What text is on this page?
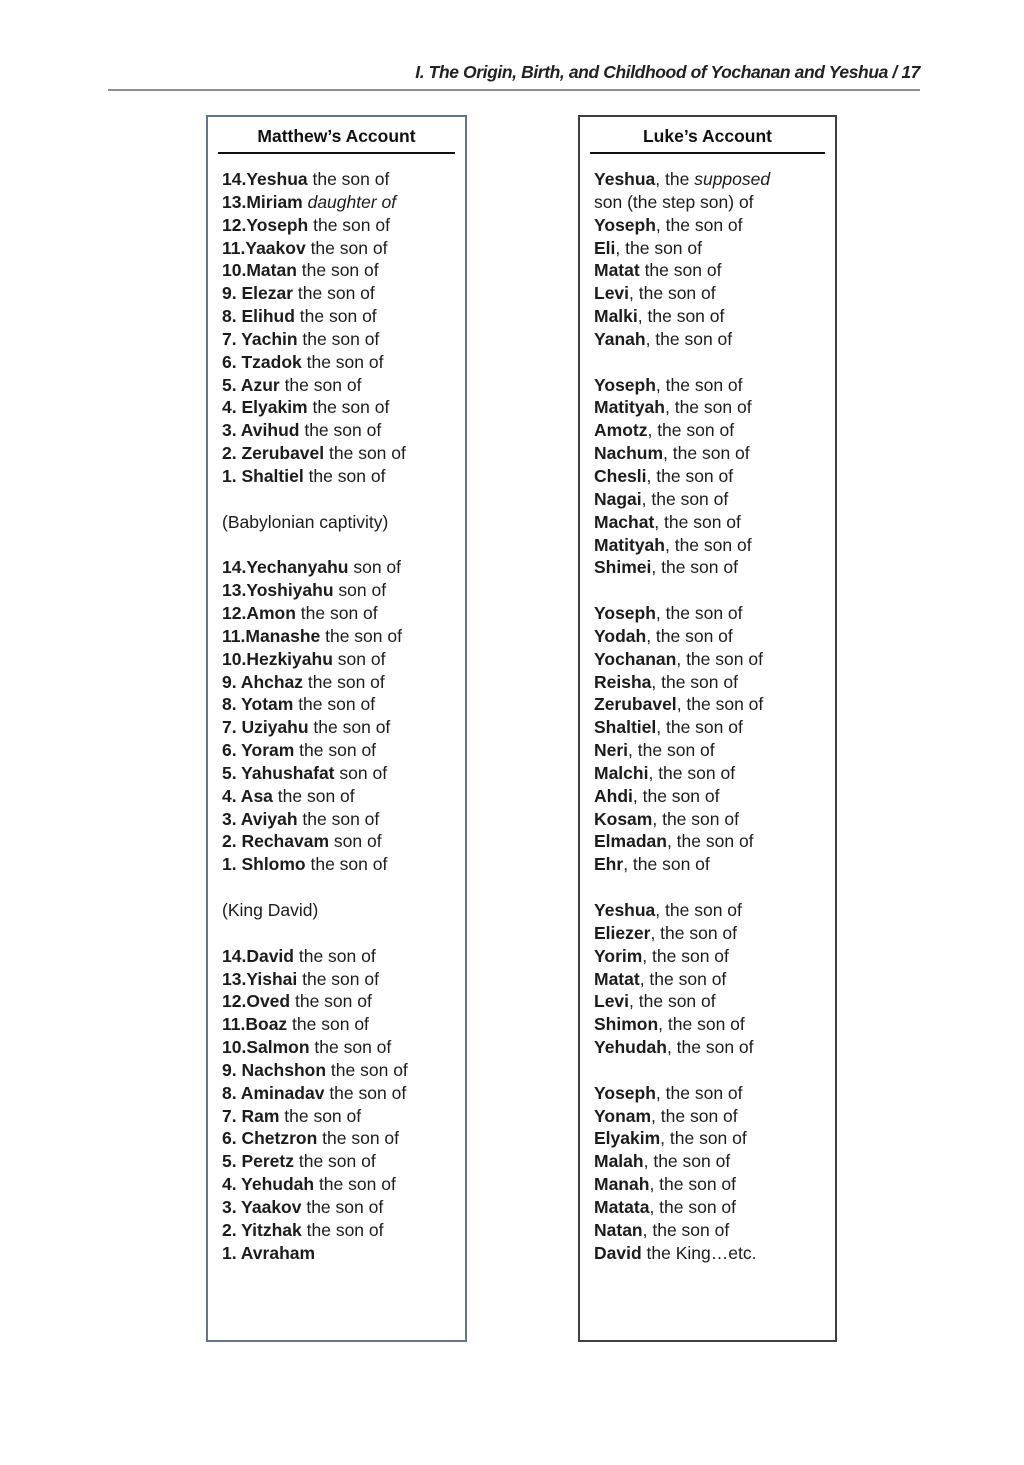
I. The Origin, Birth, and Childhood of Yochanan and Yeshua / 17
Matthew’s Account
14.Yeshua the son of
13.Miriam daughter of
12.Yoseph the son of
11.Yaakov the son of
10.Matan the son of
9. Elezar the son of
8. Elihud the son of
7. Yachin the son of
6. Tzadok the son of
5. Azur the son of
4. Elyakim the son of
3. Avihud the son of
2. Zerubavel the son of
1. Shaltiel the son of

(Babylonian captivity)

14.Yechanyahu son of
13.Yoshiyahu son of
12.Amon the son of
11.Manashe the son of
10.Hezkiyahu son of
9. Ahchaz the son of
8. Yotam the son of
7. Uziyahu the son of
6. Yoram the son of
5. Yahushafat son of
4. Asa the son of
3. Aviyah the son of
2. Rechavam son of
1. Shlomo the son of

(King David)

14.David the son of
13.Yishai the son of
12.Oved the son of
11.Boaz the son of
10.Salmon the son of
9. Nachshon the son of
8. Aminadav the son of
7. Ram the son of
6. Chetzron the son of
5. Peretz the son of
4. Yehudah the son of
3. Yaakov the son of
2. Yitzhak the son of
1. Avraham
Luke’s Account
Yeshua, the supposed
son (the step son) of
Yoseph, the son of
Eli, the son of
Matat the son of
Levi, the son of
Malki, the son of
Yanah, the son of

Yoseph, the son of
Matityah, the son of
Amotz, the son of
Nachum, the son of
Chesli, the son of
Nagai, the son of
Machat, the son of
Matityah, the son of
Shimei, the son of

Yoseph, the son of
Yodah, the son of
Yochanan, the son of
Reisha, the son of
Zerubavel, the son of
Shaltiel, the son of
Neri, the son of
Malchi, the son of
Ahdi, the son of
Kosam, the son of
Elmadan, the son of
Ehr, the son of

Yeshua, the son of
Eliezer, the son of
Yorim, the son of
Matat, the son of
Levi, the son of
Shimon, the son of
Yehudah, the son of

Yoseph, the son of
Yonam, the son of
Elyakim, the son of
Malah, the son of
Manah, the son of
Matata, the son of
Natan, the son of
David the King…etc.
